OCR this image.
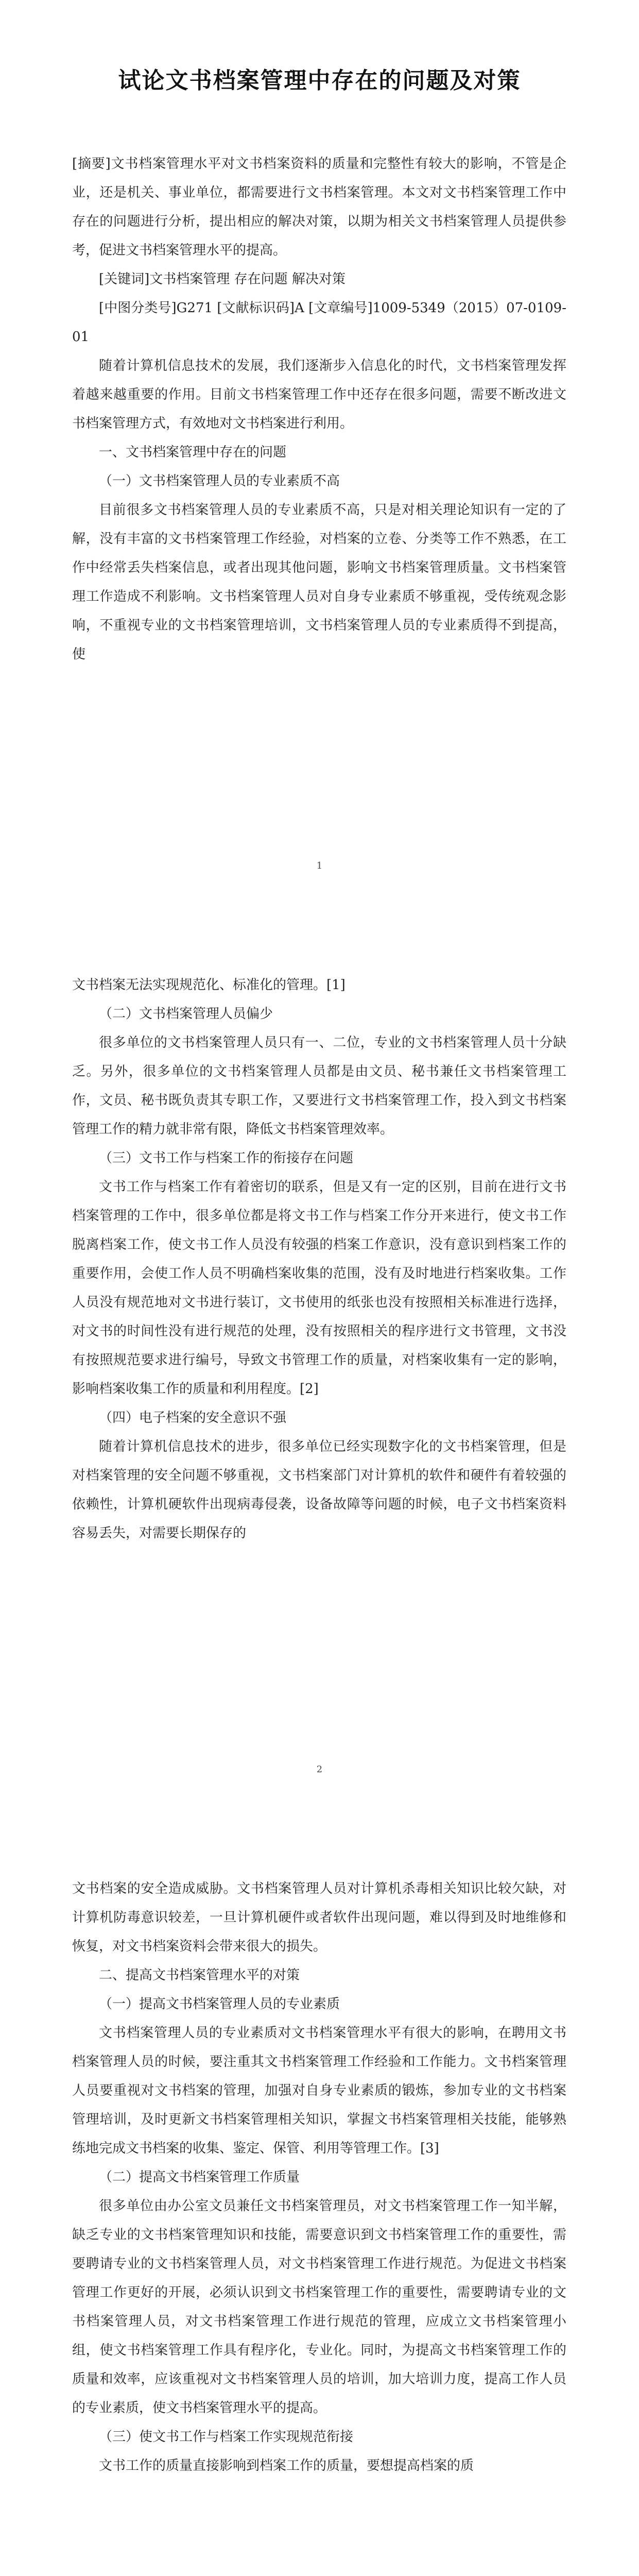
试论文书档案管理中存在的问题及对策

[摘要]文书档案管理水平对文书档案资料的质量和完整性有较大的影响，不管是企业，还是机关、事业单位，都需要进行文书档案管理。本文对文书档案管理工作中存在的问题进行分析，提出相应的解决对策，以期为相关文书档案管理人员提供参考，促进文书档案管理水平的提高。

[关键词]文书档案管理 存在问题 解决对策

[中图分类号]G271 [文献标识码]A [文章编号]1009-5349（2015）07-0109-01

随着计算机信息技术的发展，我们逐渐步入信息化的时代，文书档案管理发挥着越来越重要的作用。目前文书档案管理工作中还存在很多问题，需要不断改进文书档案管理方式，有效地对文书档案进行利用。

一、文书档案管理中存在的问题

（一）文书档案管理人员的专业素质不高

目前很多文书档案管理人员的专业素质不高，只是对相关理论知识有一定的了解，没有丰富的文书档案管理工作经验，对档案的立卷、分类等工作不熟悉，在工作中经常丢失档案信息，或者出现其他问题，影响文书档案管理质量。文书档案管理工作造成不利影响。文书档案管理人员对自身专业素质不够重视，受传统观念影响，不重视专业的文书档案管理培训，文书档案管理人员的专业素质得不到提高，使

1

文书档案无法实现规范化、标准化的管理。[1]

（二）文书档案管理人员偏少

很多单位的文书档案管理人员只有一、二位，专业的文书档案管理人员十分缺乏。另外，很多单位的文书档案管理人员都是由文员、秘书兼任文书档案管理工作，文员、秘书既负责其专职工作，又要进行文书档案管理工作，投入到文书档案管理工作的精力就非常有限，降低文书档案管理效率。

（三）文书工作与档案工作的衔接存在问题

文书工作与档案工作有着密切的联系，但是又有一定的区别，目前在进行文书档案管理的工作中，很多单位都是将文书工作与档案工作分开来进行，使文书工作脱离档案工作，使文书工作人员没有较强的档案工作意识，没有意识到档案工作的重要作用，会使工作人员不明确档案收集的范围，没有及时地进行档案收集。工作人员没有规范地对文书进行装订，文书使用的纸张也没有按照相关标准进行选择，对文书的时间性没有进行规范的处理，没有按照相关的程序进行文书管理，文书没有按照规范要求进行编号，导致文书管理工作的质量，对档案收集有一定的影响，影响档案收集工作的质量和利用程度。[2]

（四）电子档案的安全意识不强

随着计算机信息技术的进步，很多单位已经实现数字化的文书档案管理，但是对档案管理的安全问题不够重视，文书档案部门对计算机的软件和硬件有着较强的依赖性，计算机硬软件出现病毒侵袭，设备故障等问题的时候，电子文书档案资料容易丢失，对需要长期保存的

2

文书档案的安全造成威胁。文书档案管理人员对计算机杀毒相关知识比较欠缺，对计算机防毒意识较差，一旦计算机硬件或者软件出现问题，难以得到及时地维修和恢复，对文书档案资料会带来很大的损失。

二、提高文书档案管理水平的对策

（一）提高文书档案管理人员的专业素质

文书档案管理人员的专业素质对文书档案管理水平有很大的影响，在聘用文书档案管理人员的时候，要注重其文书档案管理工作经验和工作能力。文书档案管理人员要重视对文书档案的管理，加强对自身专业素质的锻炼，参加专业的文书档案管理培训，及时更新文书档案管理相关知识，掌握文书档案管理相关技能，能够熟练地完成文书档案的收集、鉴定、保管、利用等管理工作。[3]

（二）提高文书档案管理工作质量

很多单位由办公室文员兼任文书档案管理员，对文书档案管理工作一知半解，缺乏专业的文书档案管理知识和技能，需要意识到文书档案管理工作的重要性，需要聘请专业的文书档案管理人员，对文书档案管理工作进行规范。为促进文书档案管理工作更好的开展，必须认识到文书档案管理工作的重要性，需要聘请专业的文书档案管理人员，对文书档案管理工作进行规范的管理，应成立文书档案管理小组，使文书档案管理工作具有程序化，专业化。同时，为提高文书档案管理工作的质量和效率，应该重视对文书档案管理人员的培训，加大培训力度，提高工作人员的专业素质，使文书档案管理水平的提高。

（三）使文书工作与档案工作实现规范衔接

文书工作的质量直接影响到档案工作的质量，要想提高档案的质
